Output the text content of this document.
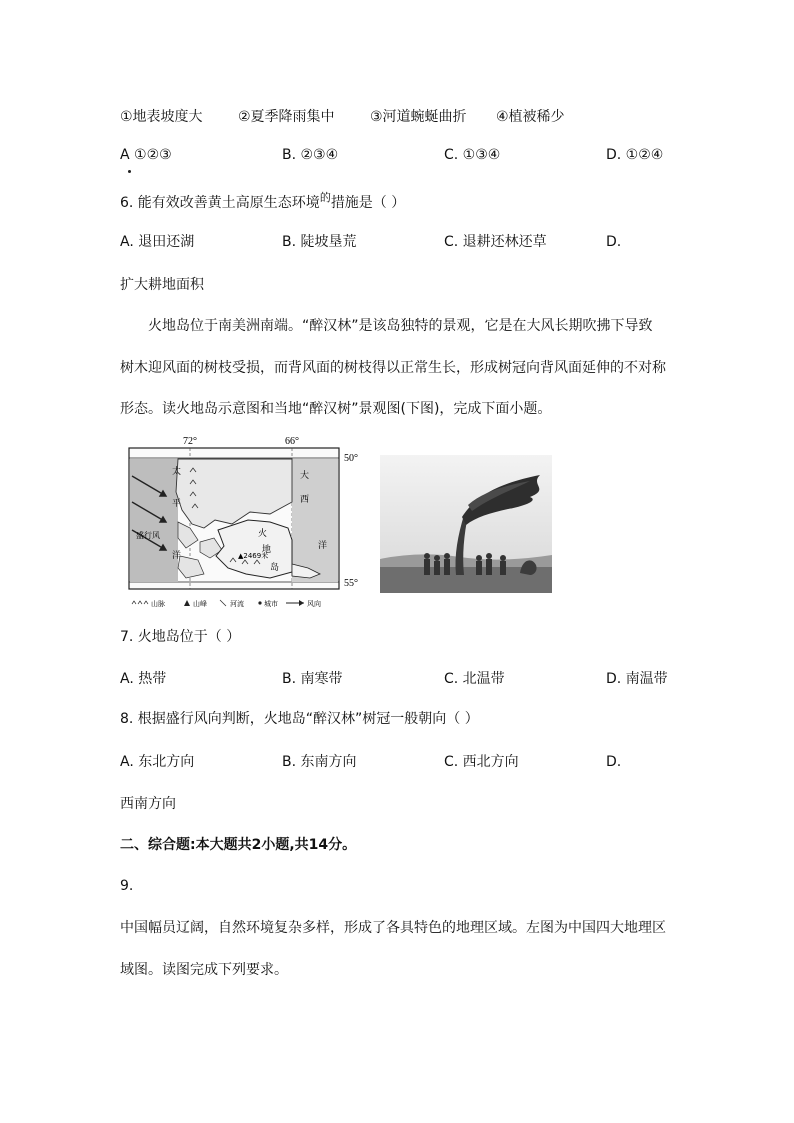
①地表坡度大	②夏季降雨集中	③河道蜿蜒曲折 ④植被稀少
A ①②③	B. ②③④	C. ①③④	D. ①②④
6. 能有效改善黄土高原生态环境$^的$措施是（ ）
A. 退田还湖	B. 陡坡垦荒	C. 退耕还林还草	D.
扩大耕地面积
火地岛位于南美洲南端。“醉汉林”是该岛独特的景观，它是在大风长期吹拂下导致
树木迎风面的树枝受损，而背风面的树枝得以正常生长，形成树冠向背风面延伸的不对称
形态。读火地岛示意图和当地“醉汉树”景观图(下图)，完成下面小题。
72°	66°
50°
55°
太
平
洋
盛行风
大
西
洋
火
地
岛
▲2469米
山脉	山峰	河流	城市	风向
7. 火地岛位于（ ）
A. 热带	B. 南寒带	C. 北温带	D. 南温带
8. 根据盛行风向判断，火地岛“醉汉林”树冠一般朝向（ ）
A. 东北方向	B. 东南方向	C. 西北方向	D.
西南方向
二、综合题:本大题共2小题,共14分。
9.
中国幅员辽阔，自然环境复杂多样，形成了各具特色的地理区域。左图为中国四大地理区
域图。读图完成下列要求。
